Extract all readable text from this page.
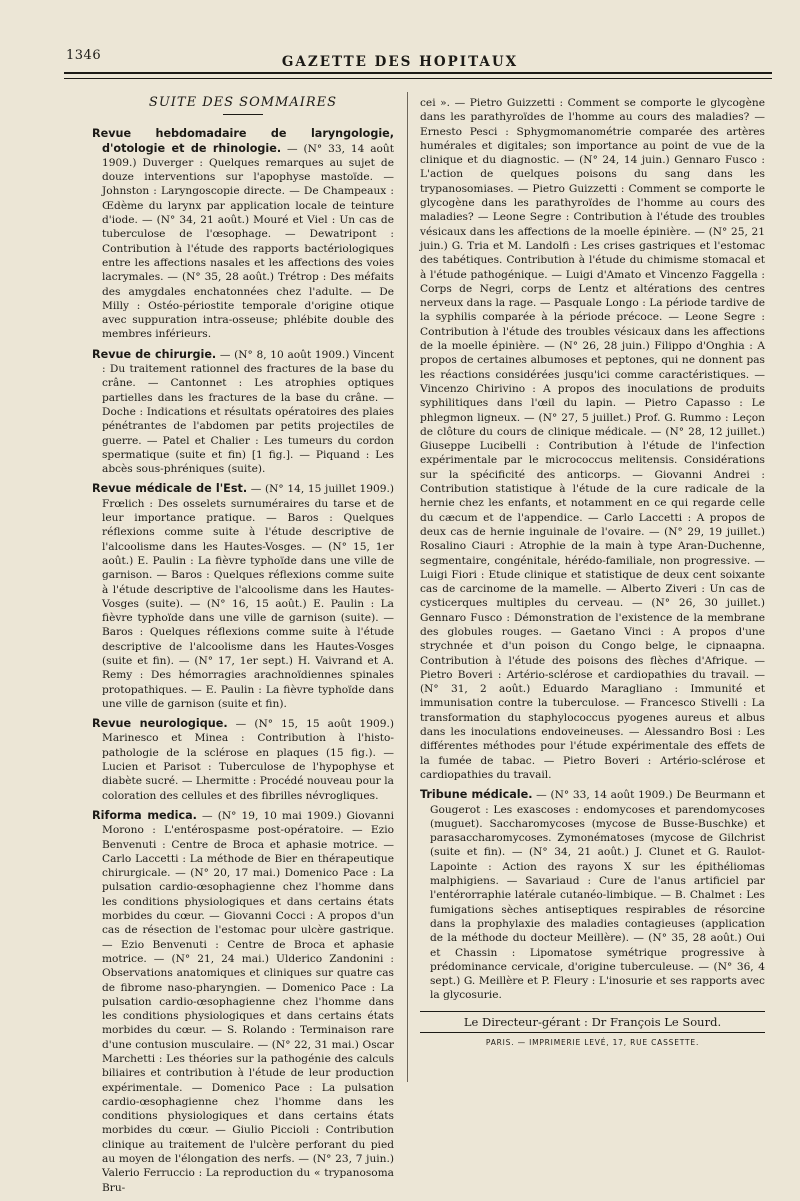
1346	GAZETTE DES HOPITAUX

SUITE DES SOMMAIRES

Revue hebdomadaire de laryngologie, d'otologie et de rhinologie. — (N° 33, 14 août 1909.) Duverger : Quelques remarques au sujet de douze interventions sur l'apophyse mastoïde. — Johnston : Laryngoscopie directe. — De Champeaux : Œdème du larynx par application locale de teinture d'iode. — (N° 34, 21 août.) Mouré et Viel : Un cas de tuberculose de l'œsophage. — Dewatripont : Contribution à l'étude des rapports bactériologiques entre les affections nasales et les affections des voies lacrymales. — (N° 35, 28 août.) Trétrop : Des méfaits des amygdales enchatonnées chez l'adulte. — De Milly : Ostéo-périostite temporale d'origine otique avec suppuration intra-osseuse; phlébite double des membres inférieurs.

Revue de chirurgie. — (N° 8, 10 août 1909.) Vincent : Du traitement rationnel des fractures de la base du crâne. — Cantonnet : Les atrophies optiques partielles dans les fractures de la base du crâne. — Doche : Indications et résultats opératoires des plaies pénétrantes de l'abdomen par petits projectiles de guerre. — Patel et Chalier : Les tumeurs du cordon spermatique (suite et fin) [1 fig.]. — Piquand : Les abcès sous-phréniques (suite).

Revue médicale de l'Est. — (N° 14, 15 juillet 1909.) Frœlich : Des osselets surnuméraires du tarse et de leur importance pratique. — Baros : Quelques réflexions comme suite à l'étude descriptive de l'alcoolisme dans les Hautes-Vosges. — (N° 15, 1er août.) E. Paulin : La fièvre typhoïde dans une ville de garnison. — Baros : Quelques réflexions comme suite à l'étude descriptive de l'alcoolisme dans les Hautes-Vosges (suite). — (N° 16, 15 août.) E. Paulin : La fièvre typhoïde dans une ville de garnison (suite). — Baros : Quelques réflexions comme suite à l'étude descriptive de l'alcoolisme dans les Hautes-Vosges (suite et fin). — (N° 17, 1er sept.) H. Vaivrand et A. Remy : Des hémorragies arachnoïdiennes spinales protopathiques. — E. Paulin : La fièvre typhoïde dans une ville de garnison (suite et fin).

Revue neurologique. — (N° 15, 15 août 1909.) Marinesco et Minea : Contribution à l'histo-pathologie de la sclérose en plaques (15 fig.). — Lucien et Parisot : Tuberculose de l'hypophyse et diabète sucré. — Lhermitte : Procédé nouveau pour la coloration des cellules et des fibrilles névrogliques.

Riforma medica. — (N° 19, 10 mai 1909.) Giovanni Morono : L'entérospasme post-opératoire. — Ezio Benvenuti : Centre de Broca et aphasie motrice. — Carlo Laccetti : La méthode de Bier en thérapeutique chirurgicale. — (N° 20, 17 mai.) Domenico Pace : La pulsation cardio-œsophagienne chez l'homme dans les conditions physiologiques et dans certains états morbides du cœur. — Giovanni Cocci : A propos d'un cas de résection de l'estomac pour ulcère gastrique. — Ezio Benvenuti : Centre de Broca et aphasie motrice. — (N° 21, 24 mai.) Ulderico Zandonini : Observations anatomiques et cliniques sur quatre cas de fibrome naso-pharyngien. — Domenico Pace : La pulsation cardio-œsophagienne chez l'homme dans les conditions physiologiques et dans certains états morbides du cœur. — S. Rolando : Terminaison rare d'une contusion musculaire. — (N° 22, 31 mai.) Oscar Marchetti : Les théories sur la pathogénie des calculs biliaires et contribution à l'étude de leur production expérimentale. — Domenico Pace : La pulsation cardio-œsophagienne chez l'homme dans les conditions physiologiques et dans certains états morbides du cœur. — Giulio Piccioli : Contribution clinique au traitement de l'ulcère perforant du pied au moyen de l'élongation des nerfs. — (N° 23, 7 juin.) Valerio Ferruccio : La reproduction du « trypanosoma Bru-

cei ». — Pietro Guizzetti : Comment se comporte le glycogène dans les parathyroïdes de l'homme au cours des maladies? — Ernesto Pesci : Sphygmomanométrie comparée des artères humérales et digitales; son importance au point de vue de la clinique et du diagnostic. — (N° 24, 14 juin.) Gennaro Fusco : L'action de quelques poisons du sang dans les trypanosomiases. — Pietro Guizzetti : Comment se comporte le glycogène dans les parathyroïdes de l'homme au cours des maladies? — Leone Segre : Contribution à l'étude des troubles vésicaux dans les affections de la moelle épinière. — (N° 25, 21 juin.) G. Tria et M. Landolfi : Les crises gastriques et l'estomac des tabétiques. Contribution à l'étude du chimisme stomacal et à l'étude pathogénique. — Luigi d'Amato et Vincenzo Faggella : Corps de Negri, corps de Lentz et altérations des centres nerveux dans la rage. — Pasquale Longo : La période tardive de la syphilis comparée à la période précoce. — Leone Segre : Contribution à l'étude des troubles vésicaux dans les affections de la moelle épinière. — (N° 26, 28 juin.) Filippo d'Onghia : A propos de certaines albumoses et peptones, qui ne donnent pas les réactions considérées jusqu'ici comme caractéristiques. — Vincenzo Chirivino : A propos des inoculations de produits syphilitiques dans l'œil du lapin. — Pietro Capasso : Le phlegmon ligneux. — (N° 27, 5 juillet.) Prof. G. Rummo : Leçon de clôture du cours de clinique médicale. — (N° 28, 12 juillet.) Giuseppe Lucibelli : Contribution à l'étude de l'infection expérimentale par le micrococcus melitensis. Considérations sur la spécificité des anticorps. — Giovanni Andrei : Contribution statistique à l'étude de la cure radicale de la hernie chez les enfants, et notamment en ce qui regarde celle du cæcum et de l'appendice. — Carlo Laccetti : A propos de deux cas de hernie inguinale de l'ovaire. — (N° 29, 19 juillet.) Rosalino Ciauri : Atrophie de la main à type Aran-Duchenne, segmentaire, congénitale, hérédo-familiale, non progressive. — Luigi Fiori : Etude clinique et statistique de deux cent soixante cas de carcinome de la mamelle. — Alberto Ziveri : Un cas de cysticerques multiples du cerveau. — (N° 26, 30 juillet.) Gennaro Fusco : Démonstration de l'existence de la membrane des globules rouges. — Gaetano Vinci : A propos d'une strychnée et d'un poison du Congo belge, le cipnaapna. Contribution à l'étude des poisons des flèches d'Afrique. — Pietro Boveri : Artério-sclérose et cardiopathies du travail. — (N° 31, 2 août.) Eduardo Maragliano : Immunité et immunisation contre la tuberculose. — Francesco Stivelli : La transformation du staphylococcus pyogenes aureus et albus dans les inoculations endoveineuses. — Alessandro Bosi : Les différentes méthodes pour l'étude expérimentale des effets de la fumée de tabac. — Pietro Boveri : Artério-sclérose et cardiopathies du travail.

Tribune médicale. — (N° 33, 14 août 1909.) De Beurmann et Gougerot : Les exascoses : endomycoses et parendomycoses (muguet). Saccharomycoses (mycose de Busse-Buschke) et parasaccharomycoses. Zymonématoses (mycose de Gilchrist (suite et fin). — (N° 34, 21 août.) J. Clunet et G. Raulot-Lapointe : Action des rayons X sur les épithéliomas malphigiens. — Savariaud : Cure de l'anus artificiel par l'entérorraphie latérale cutanéo-limbique. — B. Chalmet : Les fumigations sèches antiseptiques respirables de résorcine dans la prophylaxie des maladies contagieuses (application de la méthode du docteur Meillère). — (N° 35, 28 août.) Oui et Chassin : Lipomatose symétrique progressive à prédominance cervicale, d'origine tuberculeuse. — (N° 36, 4 sept.) G. Meillère et P. Fleury : L'inosurie et ses rapports avec la glycosurie.

Le Directeur-gérant : Dr François Le Sourd.

PARIS. — IMPRIMERIE LEVÉ, 17, RUE CASSETTE.
